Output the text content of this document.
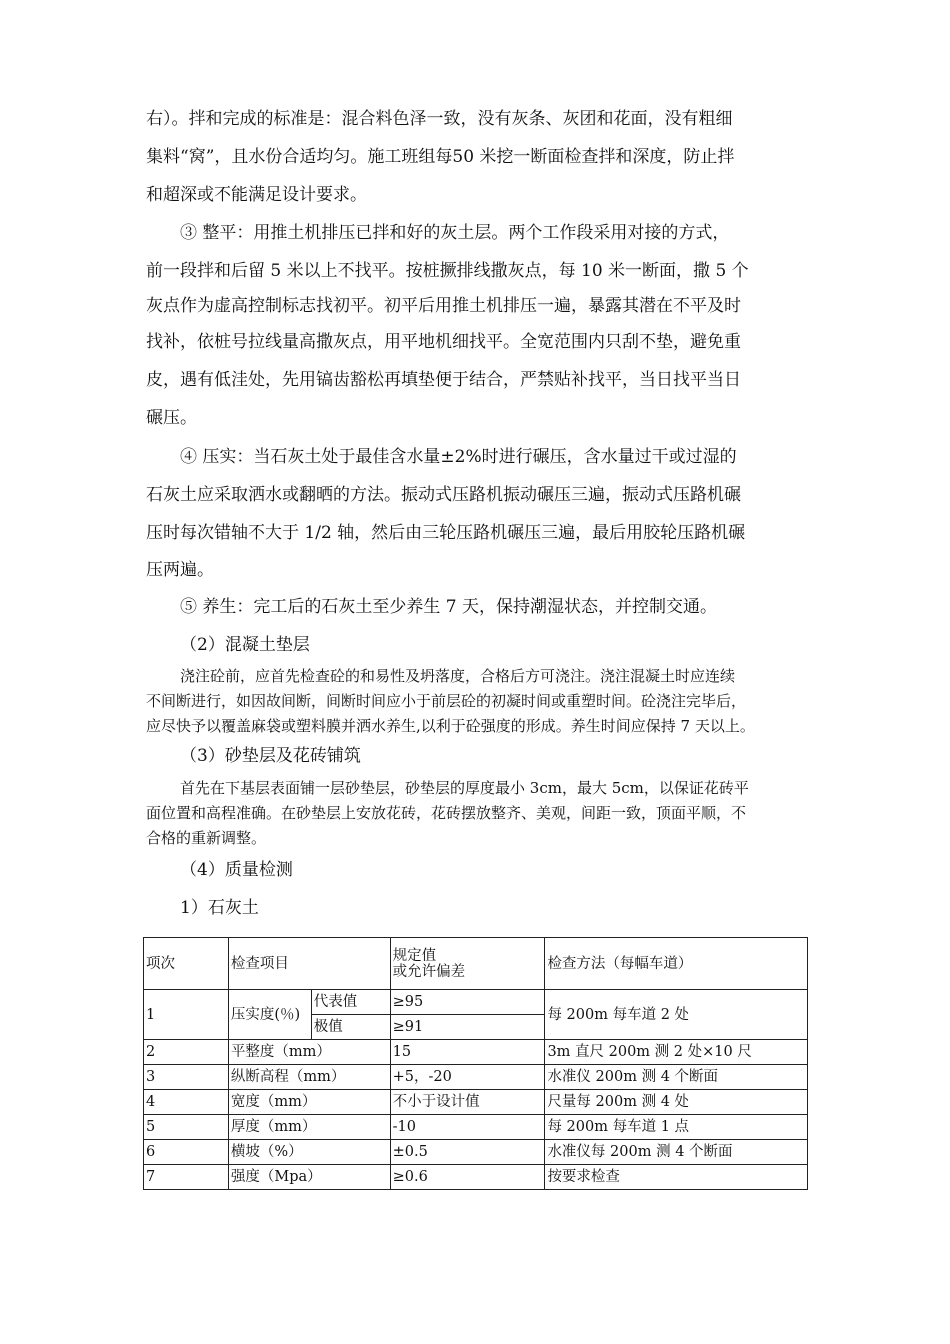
右）。拌和完成的标准是：混合料色泽一致，没有灰条、灰团和花面，没有粗细

集料“窝”，且水份合适均匀。施工班组每50 米挖一断面检查拌和深度，防止拌

和超深或不能满足设计要求。

③ 整平：用推土机排压已拌和好的灰土层。两个工作段采用对接的方式，

前一段拌和后留 5 米以上不找平。按桩撅排线撒灰点，每 10 米一断面，撒 5 个

灰点作为虚高控制标志找初平。初平后用推土机排压一遍，暴露其潜在不平及时

找补，依桩号拉线量高撒灰点，用平地机细找平。全宽范围内只刮不垫，避免重

皮，遇有低洼处，先用镐齿豁松再填垫便于结合，严禁贴补找平，当日找平当日

碾压。

④ 压实：当石灰土处于最佳含水量±2%时进行碾压，含水量过干或过湿的

石灰土应采取洒水或翻晒的方法。振动式压路机振动碾压三遍，振动式压路机碾

压时每次错轴不大于 1/2 轴，然后由三轮压路机碾压三遍，最后用胶轮压路机碾

压两遍。

⑤ 养生：完工后的石灰土至少养生 7 天，保持潮湿状态，并控制交通。

（2）混凝土垫层

浇注砼前，应首先检查砼的和易性及坍落度，合格后方可浇注。浇注混凝土时应连续

不间断进行，如因故间断，间断时间应小于前层砼的初凝时间或重塑时间。砼浇注完毕后，

应尽快予以覆盖麻袋或塑料膜并洒水养生,以利于砼强度的形成。养生时间应保持 7 天以上。

（3）砂垫层及花砖铺筑

首先在下基层表面铺一层砂垫层，砂垫层的厚度最小 3cm，最大 5cm，以保证花砖平

面位置和高程准确。在砂垫层上安放花砖，花砖摆放整齐、美观，间距一致，顶面平顺，不

合格的重新调整。

（4）质量检测

1）石灰土

项次	检查项目		规定值
或允许偏差	检查方法（每幅车道）
1	压实度(％)	代表值	≥95	每 200m 每车道 2 处
		极值	≥91	
2	平整度（mm）		15	3m 直尺 200m 测 2 处×10 尺
3	纵断高程（mm）		+5，-20	水准仪 200m 测 4 个断面
4	宽度（mm）		不小于设计值	尺量每 200m 测 4 处
5	厚度（mm）		-10	每 200m 每车道 1 点
6	横坡（%）		±0.5	水准仪每 200m 测 4 个断面
7	强度（Mpa）		≥0.6	按要求检查
